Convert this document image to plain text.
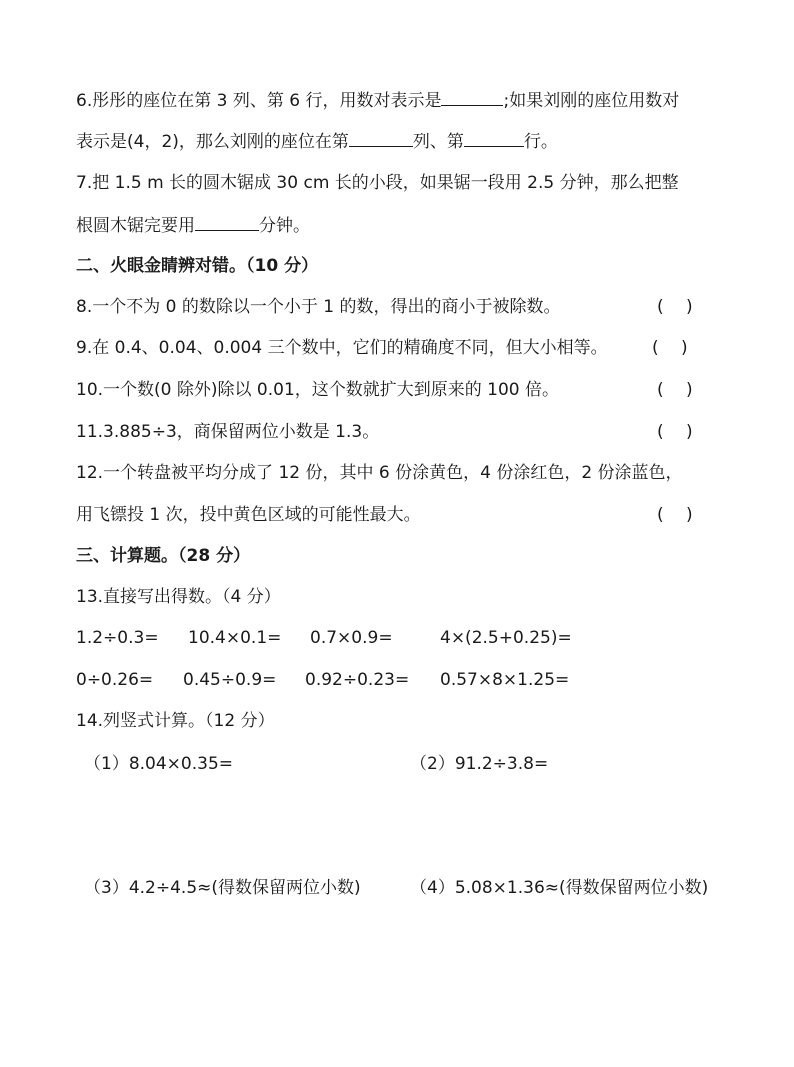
6.彤彤的座位在第 3 列、第 6 行，用数对表示是	;如果刘刚的座位用数对
表示是(4，2)，那么刘刚的座位在第	列、第	行。
7.把 1.5 m 长的圆木锯成 30 cm 长的小段，如果锯一段用 2.5 分钟，那么把整
根圆木锯完要用	分钟。
二、火眼金睛辨对错。（10 分）
8.一个不为 0 的数除以一个小于 1 的数，得出的商小于被除数。	(　 )
9.在 0.4、0.04、0.004 三个数中，它们的精确度不同，但大小相等。	(　 )
10.一个数(0 除外)除以 0.01，这个数就扩大到原来的 100 倍。	(　 )
11.3.885÷3，商保留两位小数是 1.3。	(　 )
12.一个转盘被平均分成了 12 份，其中 6 份涂黄色，4 份涂红色，2 份涂蓝色，
用飞镖投 1 次，投中黄色区域的可能性最大。	(　 )
三、计算题。（28 分）
13.直接写出得数。（4 分）
1.2÷0.3= 10.4×0.1= 0.7×0.9=	4×(2.5+0.25)=
0÷0.26= 0.45÷0.9= 0.92÷0.23= 0.57×8×1.25=
14.列竖式计算。（12 分）
（1）8.04×0.35=	（2）91.2÷3.8=
（3）4.2÷4.5≈(得数保留两位小数)	（4）5.08×1.36≈(得数保留两位小数)
